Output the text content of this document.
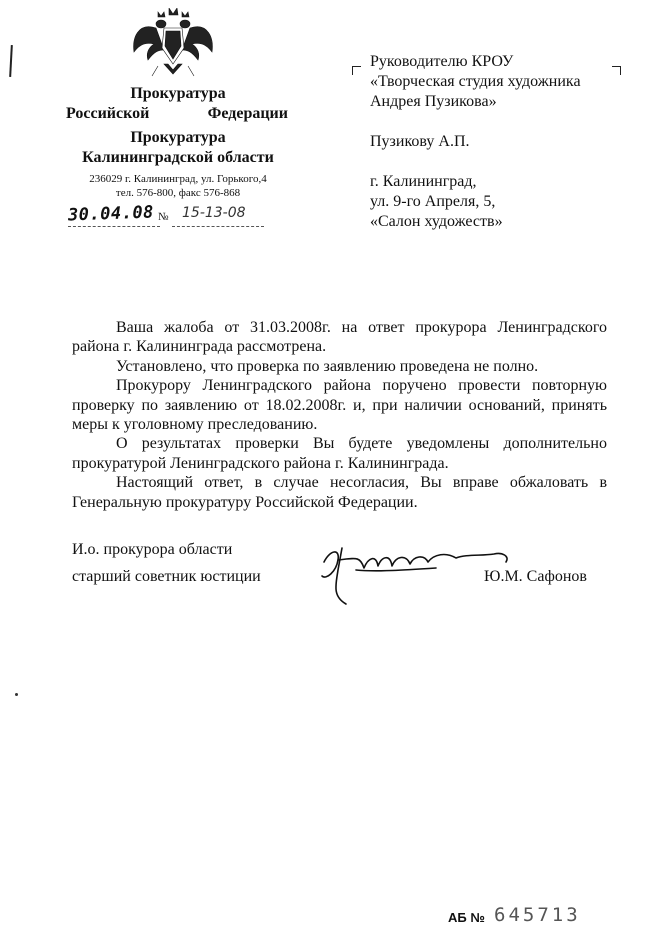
Прокуратура
Российской	Федерации
Прокуратура
Калининградской области
236029 г. Калининград, ул. Горького,4
тел. 576-800, факс 576-868
30.04.08 № 15-13-08
Руководителю КРОУ
«Творческая студия художника
Андрея Пузикова»
Пузикову А.П.
г. Калининград,
ул. 9-го Апреля, 5,
«Салон художеств»

Ваша жалоба от 31.03.2008г. на ответ прокурора Ленинградского района г. Калининграда рассмотрена.

Установлено, что проверка по заявлению проведена не полно.

Прокурору Ленинградского района поручено провести повторную проверку по заявлению от 18.02.2008г. и, при наличии оснований, принять меры к уголовному преследованию.

О результатах проверки Вы будете уведомлены дополнительно прокуратурой Ленинградского района г. Калининграда.

Настоящий ответ, в случае несогласия, Вы вправе обжаловать в Генеральную прокуратуру Российской Федерации.

И.о. прокурора области
старший советник юстиции	Ю.М. Сафонов
АБ № 645713
